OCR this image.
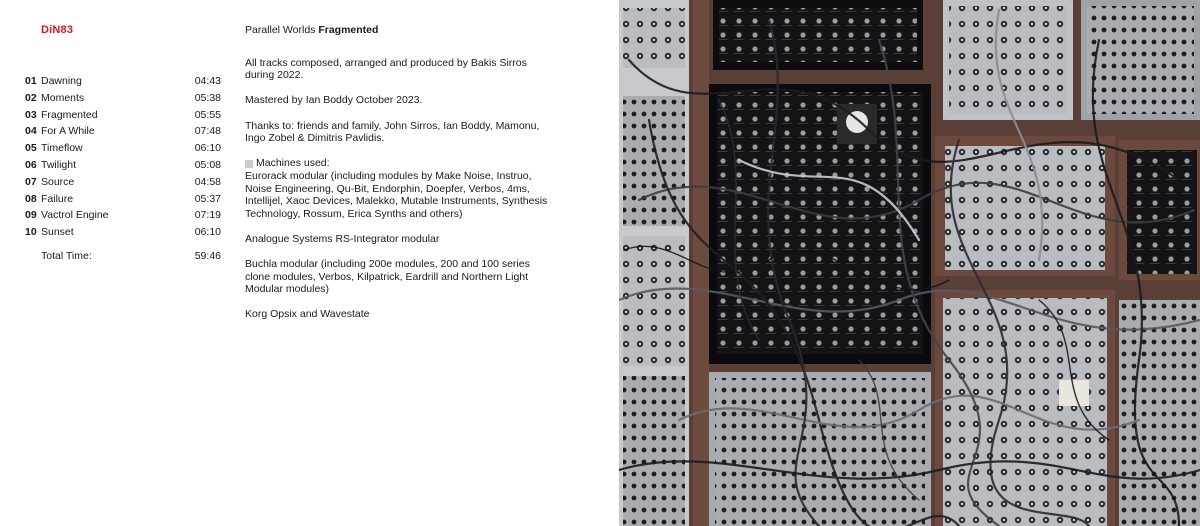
DiN83
01 Dawning	04:43
02 Moments	05:38
03 Fragmented	05:55
04 For A While	07:48
05 Timeflow	06:10
06 Twilight	05:08
07 Source	04:58
08 Failure	05:37
09 Vactrol Engine	07:19
10 Sunset	06:10
Total Time:	59:46
Parallel Worlds Fragmented

All tracks composed, arranged and produced by Bakis Sirros during 2022.

Mastered by Ian Boddy October 2023.

Thanks to: friends and family, John Sirros, Ian Boddy, Mamonu, Ingo Zobel & Dimitris Pavlidis.

Machines used:

Eurorack modular (including modules by Make Noise, Instruo, Noise Engineering, Qu-Bit, Endorphin, Doepfer, Verbos, 4ms, Intellijel, Xaoc Devices, Malekko, Mutable Instruments, Synthesis Technology, Rossum, Erica Synths and others)

Analogue Systems RS-Integrator modular

Buchla modular (including 200e modules, 200 and 100 series clone modules, Verbos, Kilpatrick, Eardrill and Northern Light Modular modules)

Korg Opsix and Wavestate
